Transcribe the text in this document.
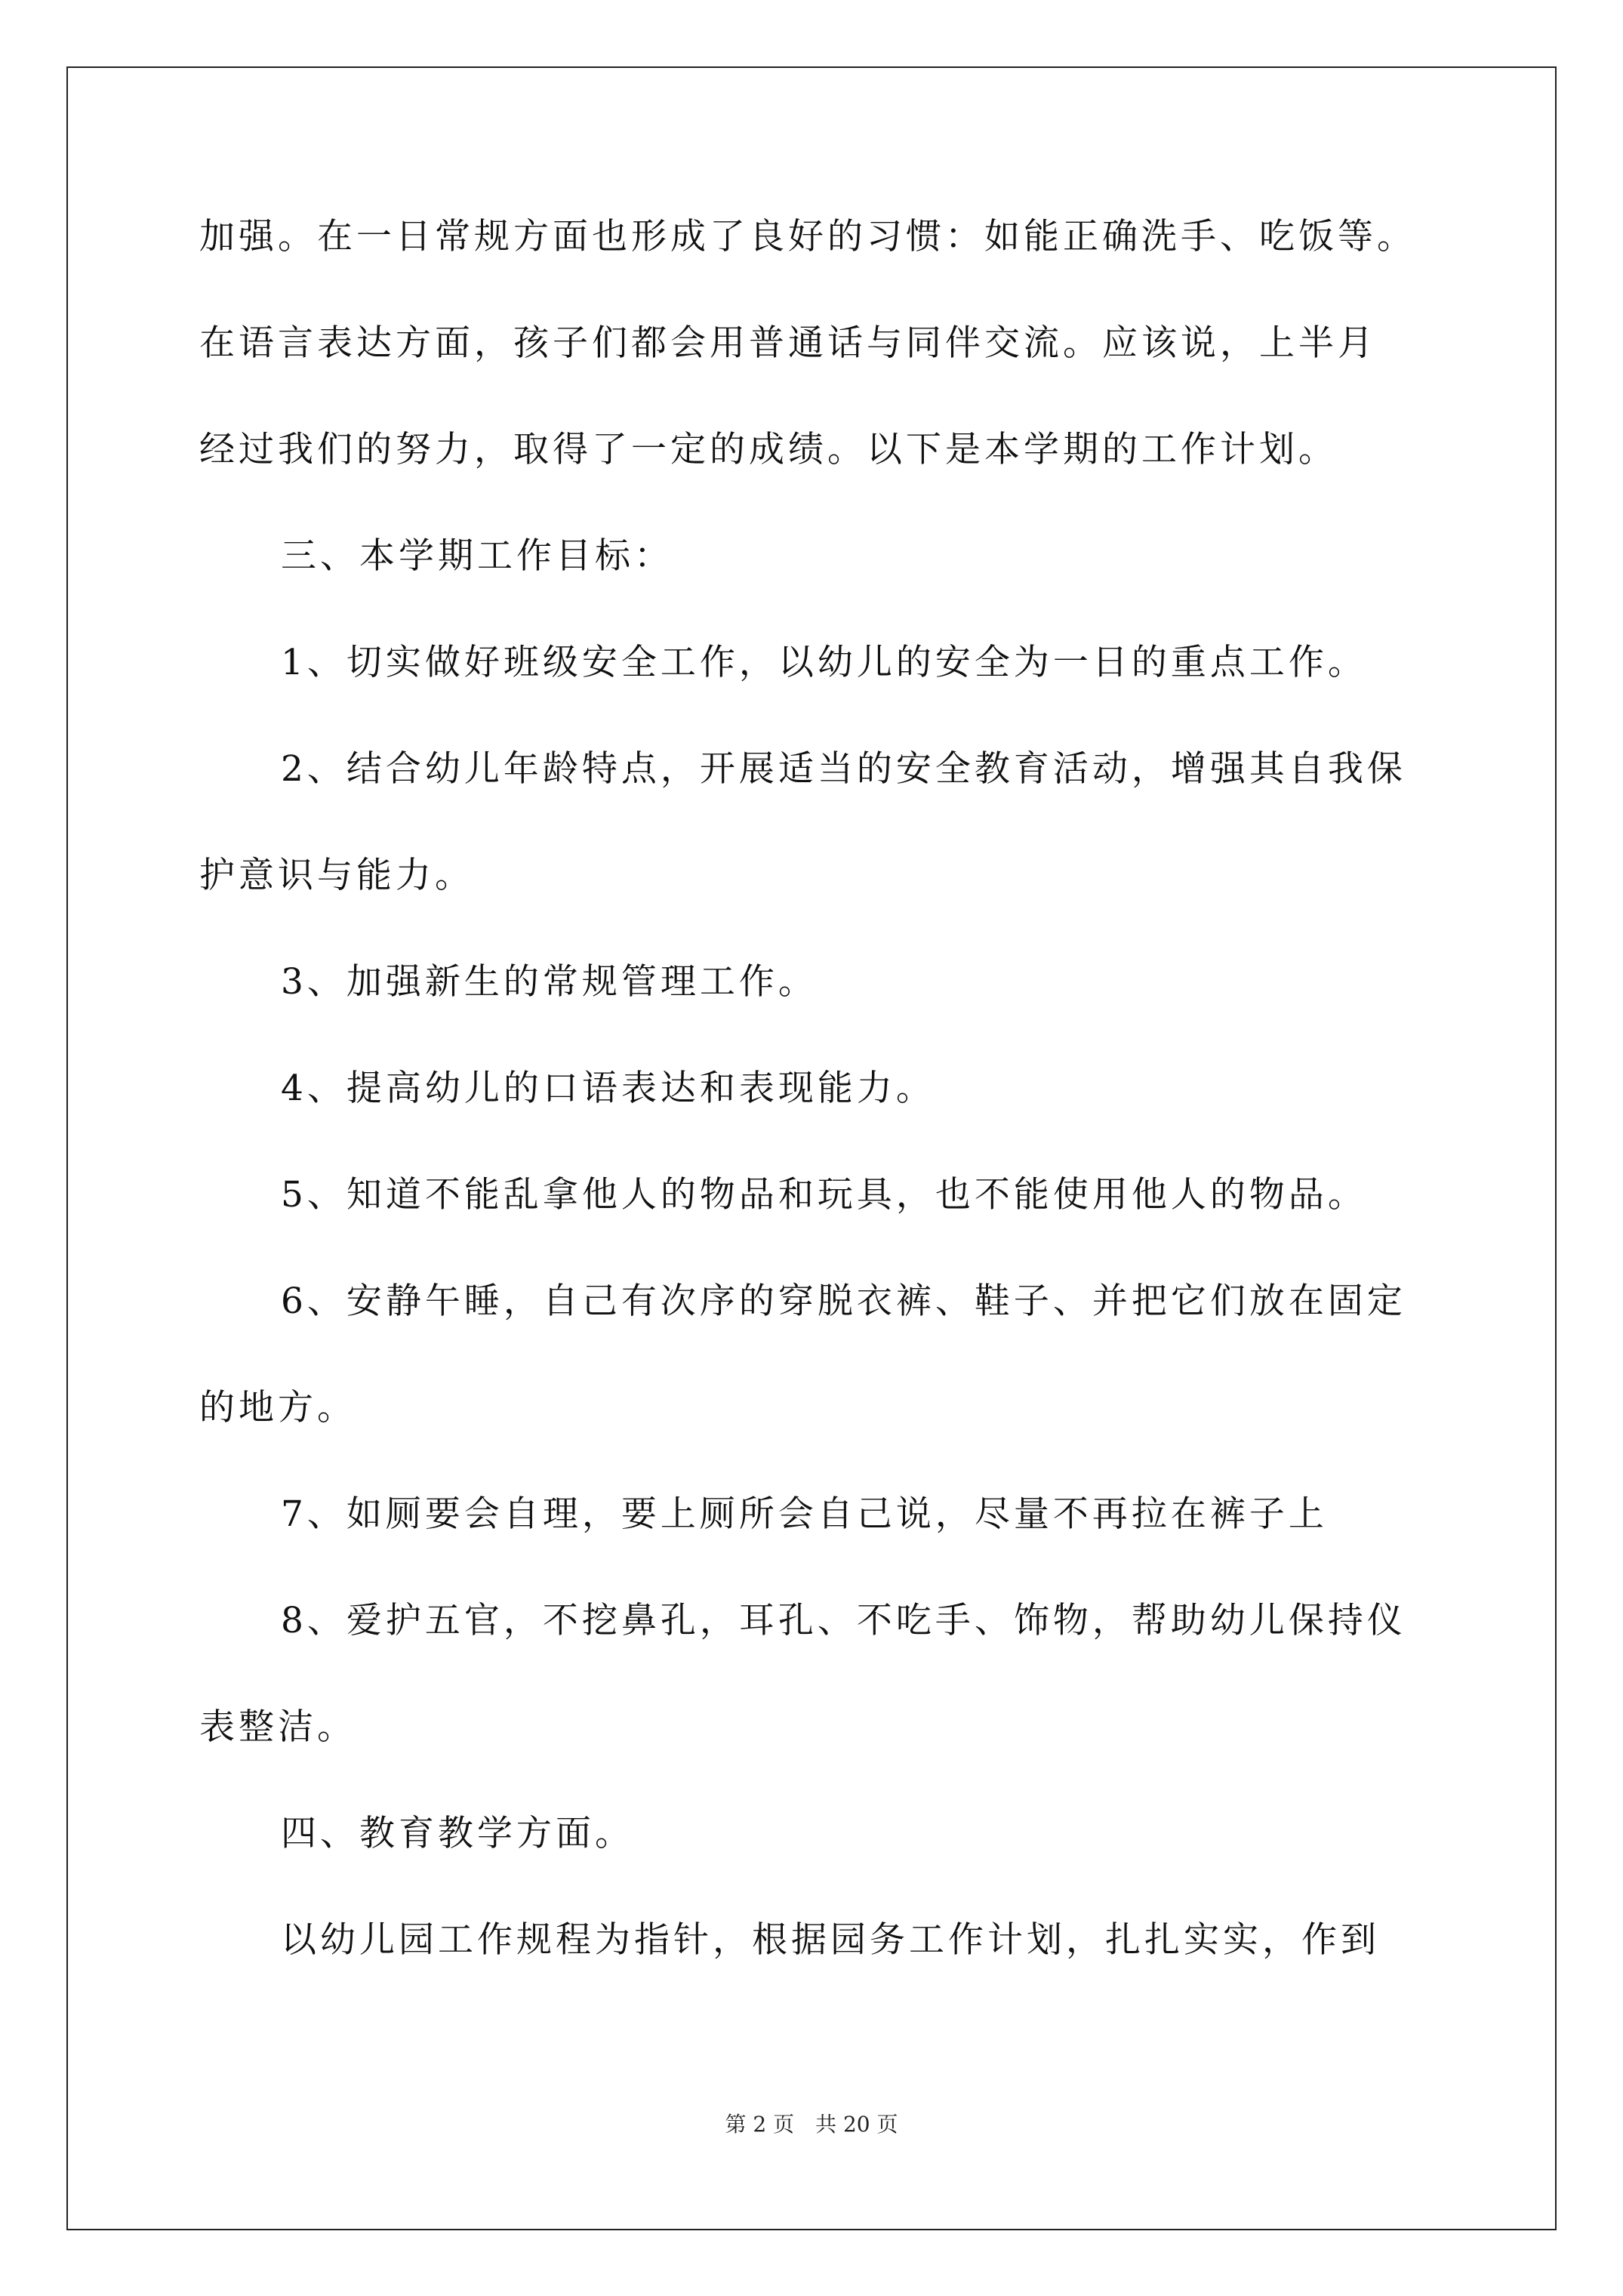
加强。在一日常规方面也形成了良好的习惯：如能正确洗手、吃饭等。
在语言表达方面，孩子们都会用普通话与同伴交流。应该说，上半月
经过我们的努力，取得了一定的成绩。以下是本学期的工作计划。
三、本学期工作目标：
1、切实做好班级安全工作，以幼儿的安全为一日的重点工作。
2、结合幼儿年龄特点，开展适当的安全教育活动，增强其自我保
护意识与能力。
3、加强新生的常规管理工作。
4、提高幼儿的口语表达和表现能力。
5、知道不能乱拿他人的物品和玩具，也不能使用他人的物品。
6、安静午睡，自己有次序的穿脱衣裤、鞋子、并把它们放在固定
的地方。
7、如厕要会自理，要上厕所会自己说，尽量不再拉在裤子上
8、爱护五官，不挖鼻孔，耳孔、不吃手、饰物，帮助幼儿保持仪
表整洁。
四、教育教学方面。
以幼儿园工作规程为指针，根据园务工作计划，扎扎实实，作到
第 2 页　共 20 页
